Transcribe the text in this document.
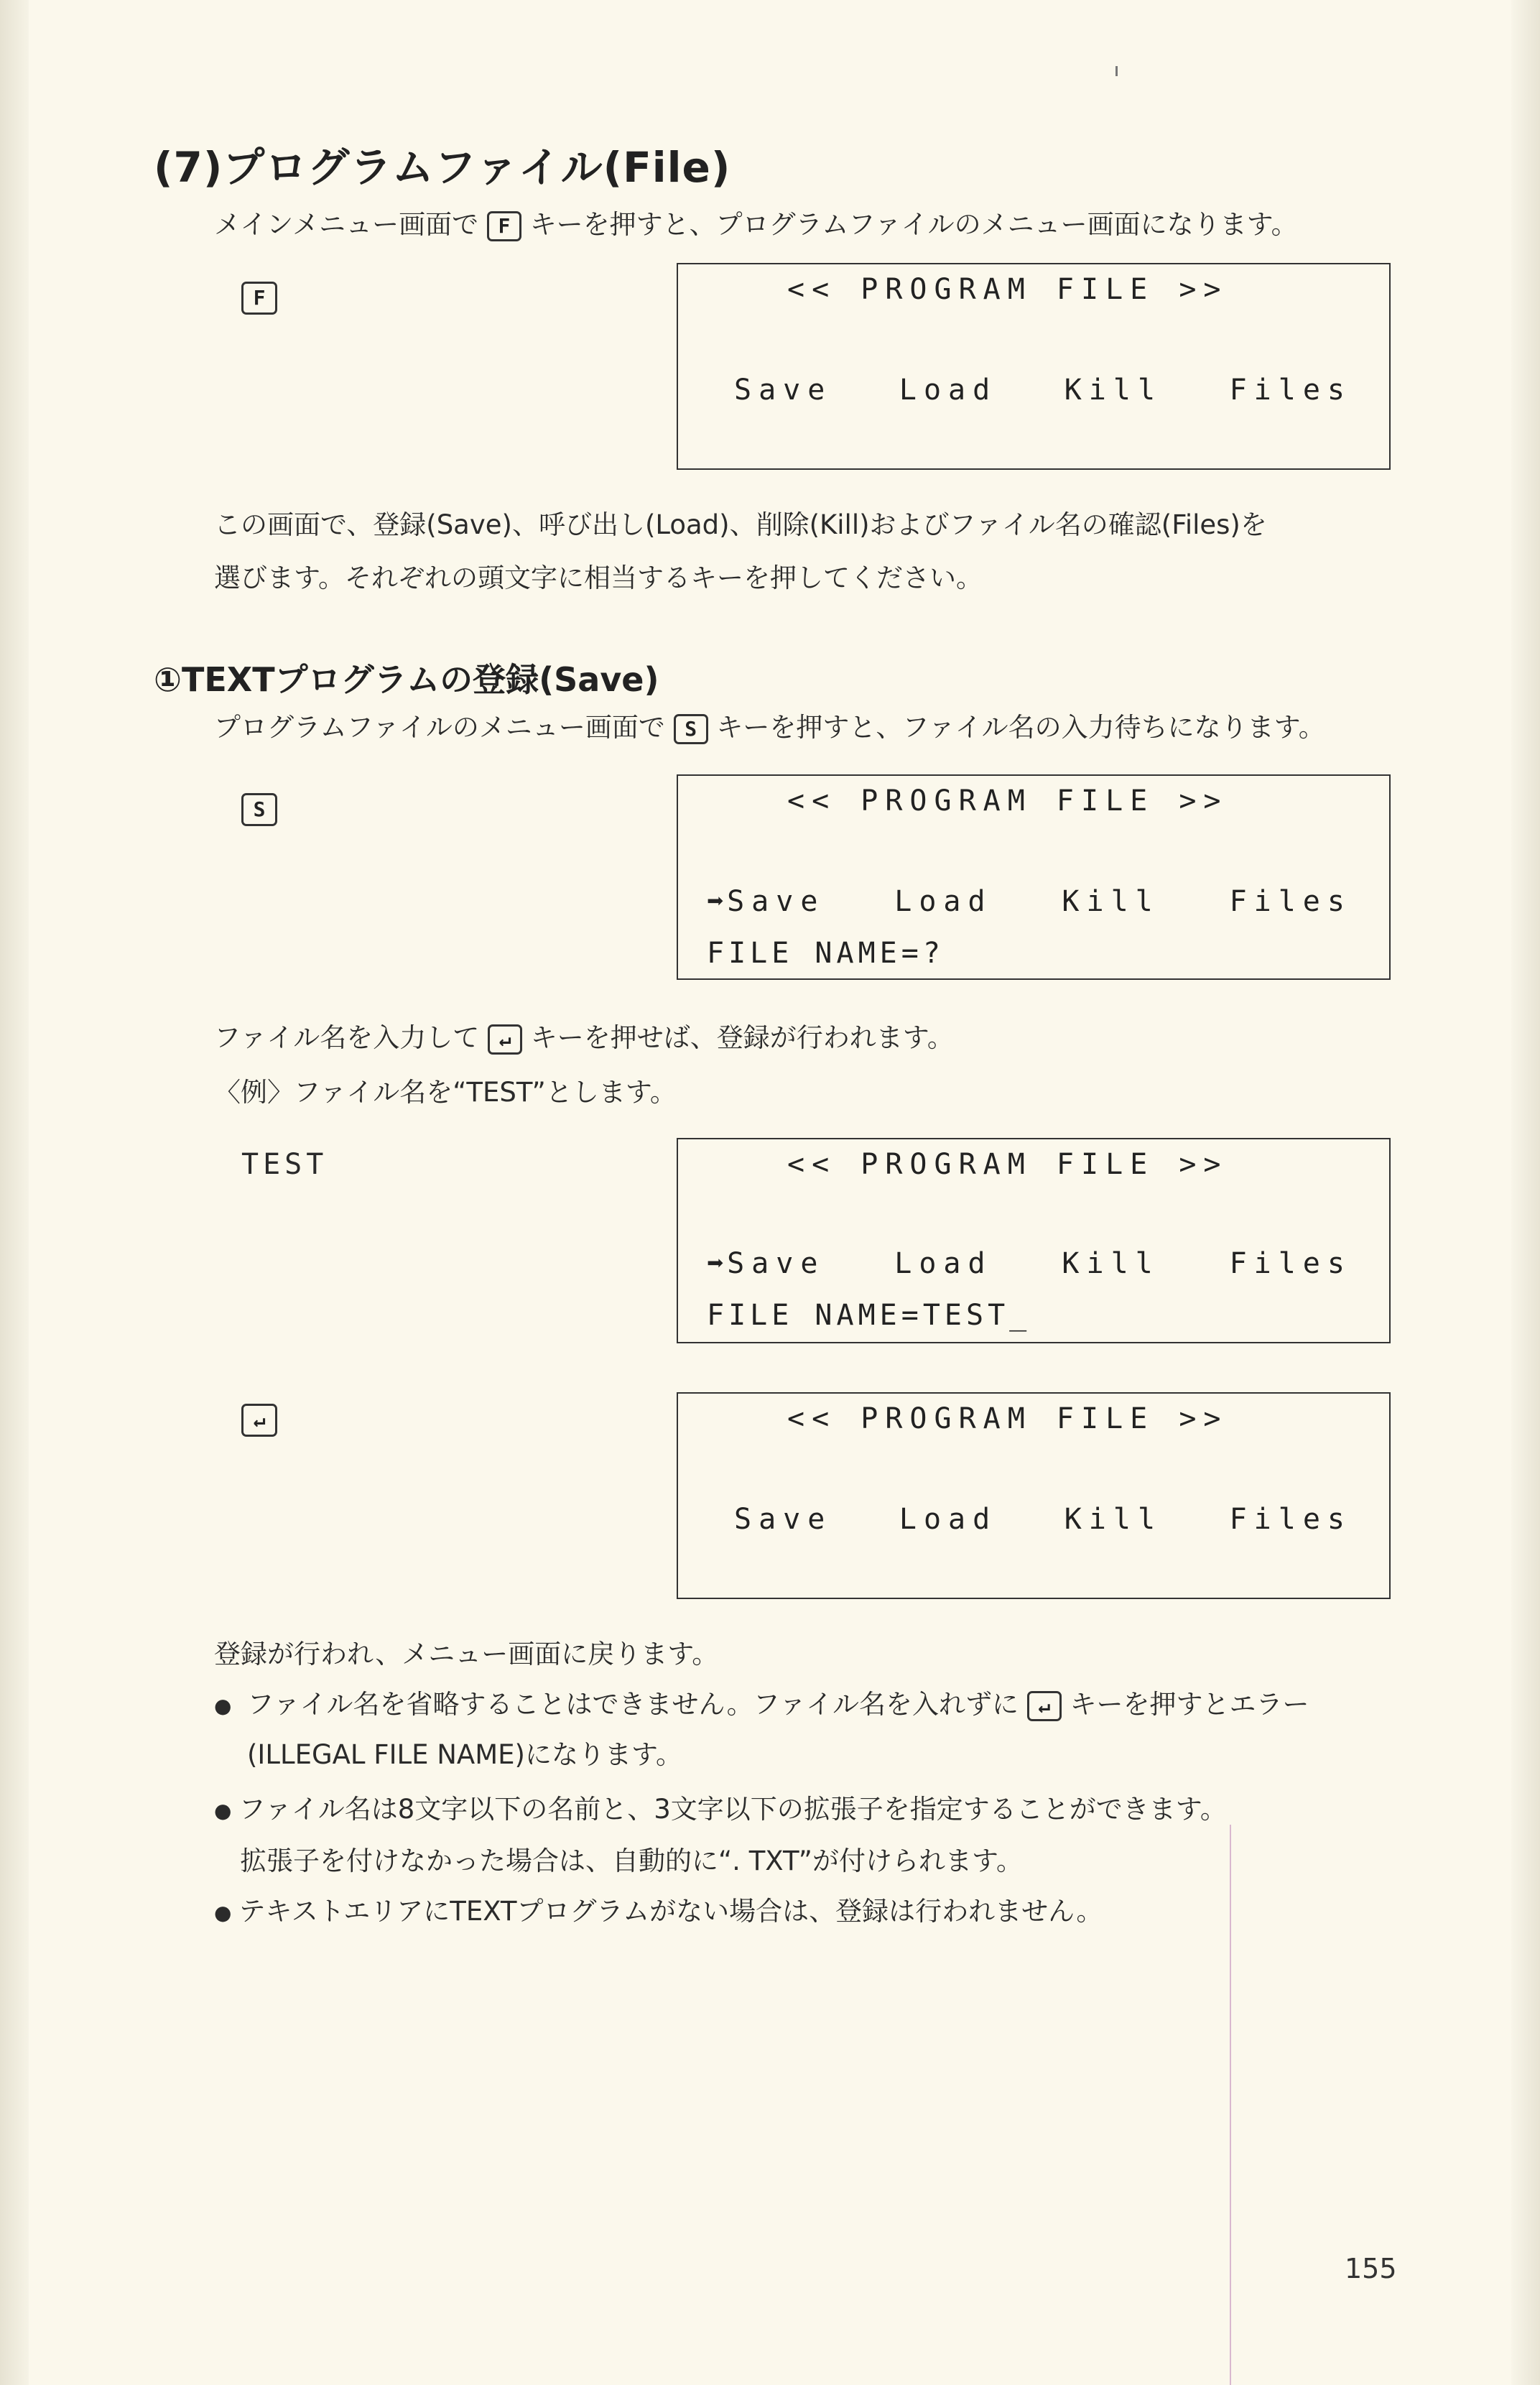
(7)プログラムファイル(File)
メインメニュー画面で F キーを押すと、プログラムファイルのメニュー画面になります。
F	<< PROGRAM FILE >>
Save Load Kill Files
この画面で、登録(Save)、呼び出し(Load)、削除(Kill)およびファイル名の確認(Files)を
選びます。それぞれの頭文字に相当するキーを押してください。
①TEXTプログラムの登録(Save)
プログラムファイルのメニュー画面で S キーを押すと、ファイル名の入力待ちになります。
S	<< PROGRAM FILE >>
➡ Save Load Kill Files
FILE NAME=?
ファイル名を入力して ↵ キーを押せば、登録が行われます。
〈例〉ファイル名を“TEST”とします。
TEST	<< PROGRAM FILE >>
➡ Save Load Kill Files
FILE NAME=TEST_
↵	<< PROGRAM FILE >>
Save Load Kill Files
登録が行われ、メニュー画面に戻ります。
● ファイル名を省略することはできません。ファイル名を入れずに ↵ キーを押すとエラー
(ILLEGAL FILE NAME)になります。
● ファイル名は8文字以下の名前と、3文字以下の拡張子を指定することができます。
拡張子を付けなかった場合は、自動的に“. TXT”が付けられます。
● テキストエリアにTEXTプログラムがない場合は、登録は行われません。
155
